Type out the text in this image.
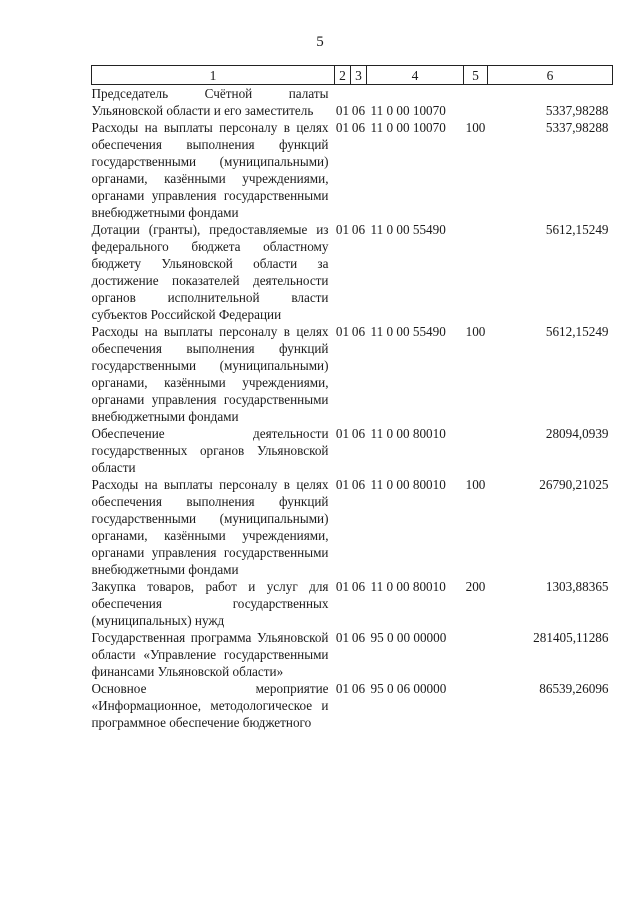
5
1	2	3	4	5	6
Председатель Счётной палаты Ульяновской области и его заместитель	01	06	11 0 00 10070		5337,98288
Расходы на выплаты персоналу в целях обеспечения выполнения функций государственными (муниципальными) органами, казёнными учреждениями, органами управления государственными внебюджетными фондами	01	06	11 0 00 10070	100	5337,98288
Дотации (гранты), предоставляемые из федерального бюджета областному бюджету Ульяновской области за достижение показателей деятельности органов исполнительной власти субъектов Российской Федерации	01	06	11 0 00 55490		5612,15249
Расходы на выплаты персоналу в целях обеспечения выполнения функций государственными (муниципальными) органами, казёнными учреждениями, органами управления государственными внебюджетными фондами	01	06	11 0 00 55490	100	5612,15249
Обеспечение деятельности государственных органов Ульяновской области	01	06	11 0 00 80010		28094,0939
Расходы на выплаты персоналу в целях обеспечения выполнения функций государственными (муниципальными) органами, казёнными учреждениями, органами управления государственными внебюджетными фондами	01	06	11 0 00 80010	100	26790,21025
Закупка товаров, работ и услуг для обеспечения государственных (муниципальных) нужд	01	06	11 0 00 80010	200	1303,88365
Государственная программа Ульяновской области «Управление государственными финансами Ульяновской области»	01	06	95 0 00 00000		281405,11286
Основное мероприятие «Информационное, методологическое и программное обеспечение бюджетного	01	06	95 0 06 00000		86539,26096
